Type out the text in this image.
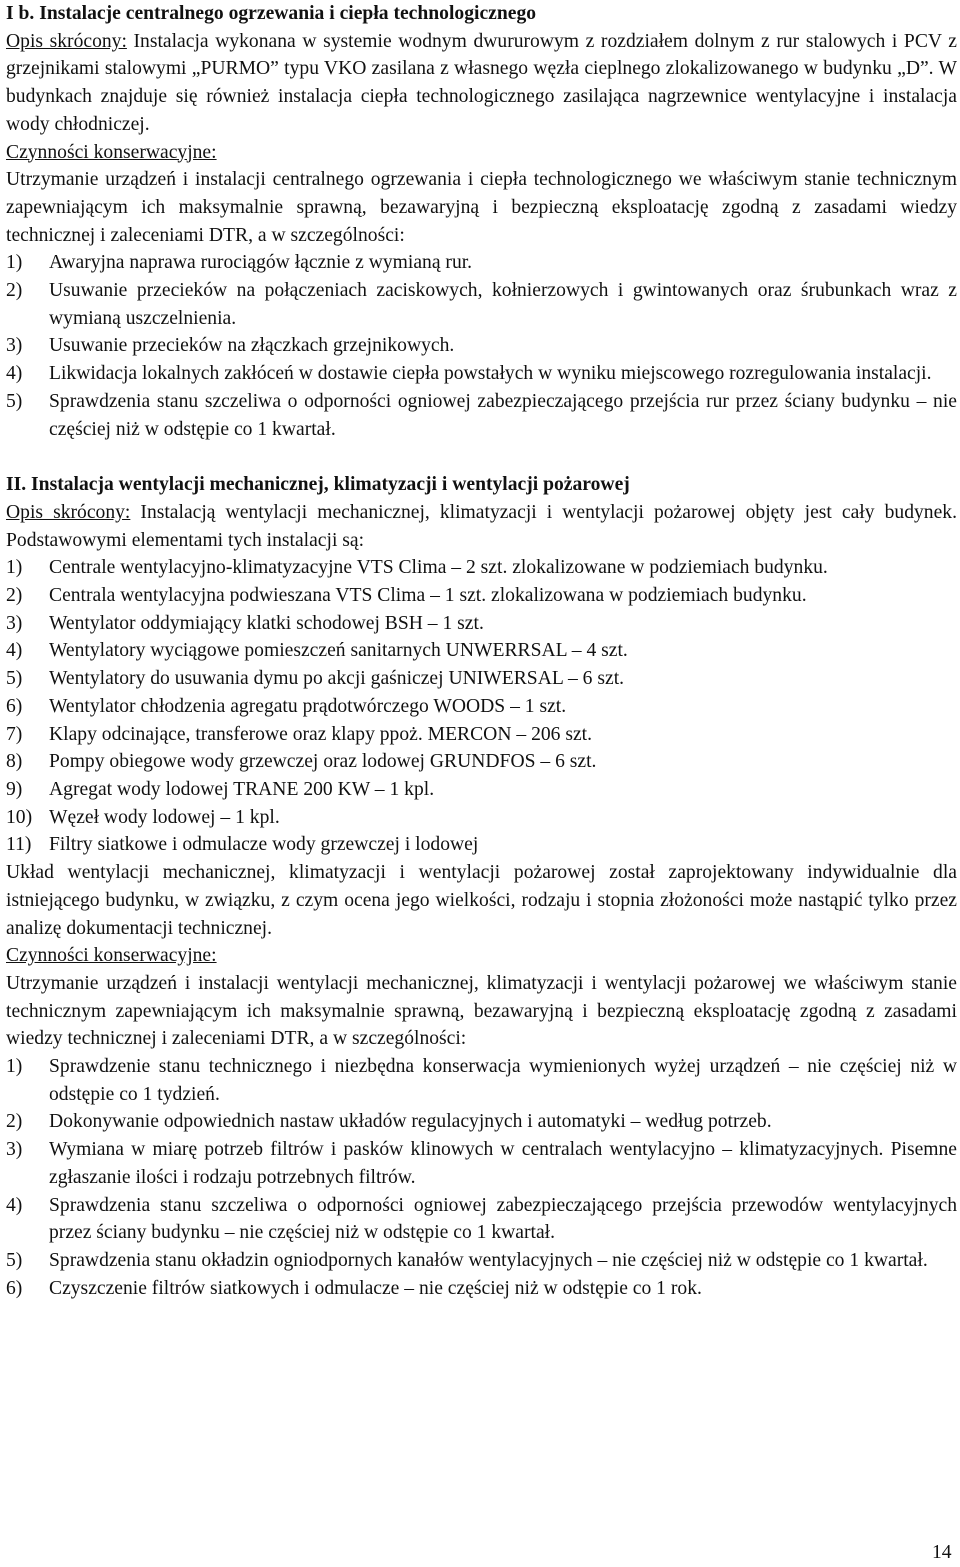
I b. Instalacje centralnego ogrzewania i ciepła technologicznego

Opis skrócony: Instalacja wykonana w systemie wodnym dwururowym z rozdziałem dolnym z rur stalowych i PCV z grzejnikami stalowymi „PURMO” typu VKO zasilana z własnego węzła cieplnego zlokalizowanego w budynku „D”. W budynkach znajduje się również instalacja ciepła technologicznego zasilająca nagrzewnice wentylacyjne i instalacja wody chłodniczej.

Czynności konserwacyjne:

Utrzymanie urządzeń i instalacji centralnego ogrzewania i ciepła technologicznego we właściwym stanie technicznym zapewniającym ich maksymalnie sprawną, bezawaryjną i bezpieczną eksploatację zgodną z zasadami wiedzy technicznej i zaleceniami DTR, a w szczególności:

1)	Awaryjna naprawa rurociągów łącznie z wymianą rur.
2)	Usuwanie przecieków na połączeniach zaciskowych, kołnierzowych i gwintowanych oraz śrubunkach wraz z wymianą uszczelnienia.
3)	Usuwanie przecieków na złączkach grzejnikowych.
4)	Likwidacja lokalnych zakłóceń w dostawie ciepła powstałych w wyniku miejscowego rozregulowania instalacji.
5)	Sprawdzenia stanu szczeliwa o odporności ogniowej zabezpieczającego przejścia rur przez ściany budynku – nie częściej niż w odstępie co 1 kwartał.
II. Instalacja wentylacji mechanicznej, klimatyzacji i wentylacji pożarowej

Opis skrócony: Instalacją wentylacji mechanicznej, klimatyzacji i wentylacji pożarowej objęty jest cały budynek. Podstawowymi elementami tych instalacji są:

1)	Centrale wentylacyjno-klimatyzacyjne VTS Clima – 2 szt. zlokalizowane w podziemiach budynku.
2)	Centrala wentylacyjna podwieszana VTS Clima – 1 szt. zlokalizowana w podziemiach budynku.
3)	Wentylator oddymiający klatki schodowej BSH – 1 szt.
4)	Wentylatory wyciągowe pomieszczeń sanitarnych UNWERRSAL – 4 szt.
5)	Wentylatory do usuwania dymu po akcji gaśniczej UNIWERSAL – 6 szt.
6)	Wentylator chłodzenia agregatu prądotwórczego WOODS – 1 szt.
7)	Klapy odcinające, transferowe oraz klapy ppoż. MERCON – 206 szt.
8)	Pompy obiegowe wody grzewczej oraz lodowej GRUNDFOS – 6 szt.
9)	Agregat wody lodowej TRANE 200 KW – 1 kpl.
10) Węzeł wody lodowej – 1 kpl.
11) Filtry siatkowe i odmulacze wody grzewczej i lodowej

Układ wentylacji mechanicznej, klimatyzacji i wentylacji pożarowej został zaprojektowany indywidualnie dla istniejącego budynku, w związku, z czym ocena jego wielkości, rodzaju i stopnia złożoności może nastąpić tylko przez analizę dokumentacji technicznej.

Czynności konserwacyjne:

Utrzymanie urządzeń i instalacji wentylacji mechanicznej, klimatyzacji i wentylacji pożarowej we właściwym stanie technicznym zapewniającym ich maksymalnie sprawną, bezawaryjną i bezpieczną eksploatację zgodną z zasadami wiedzy technicznej i zaleceniami DTR, a w szczególności:

1)	Sprawdzenie stanu technicznego i niezbędna konserwacja wymienionych wyżej urządzeń – nie częściej niż w odstępie co 1 tydzień.
2)	Dokonywanie odpowiednich nastaw układów regulacyjnych i automatyki – według potrzeb.
3)	Wymiana w miarę potrzeb filtrów i pasków klinowych w centralach wentylacyjno – klimatyzacyjnych. Pisemne zgłaszanie ilości i rodzaju potrzebnych filtrów.
4)	Sprawdzenia stanu szczeliwa o odporności ogniowej zabezpieczającego przejścia przewodów wentylacyjnych przez ściany budynku – nie częściej niż w odstępie co 1 kwartał.
5)	Sprawdzenia stanu okładzin ogniodpornych kanałów wentylacyjnych – nie częściej niż w odstępie co 1 kwartał.
6)	Czyszczenie filtrów siatkowych i odmulacze – nie częściej niż w odstępie co 1 rok.
14
